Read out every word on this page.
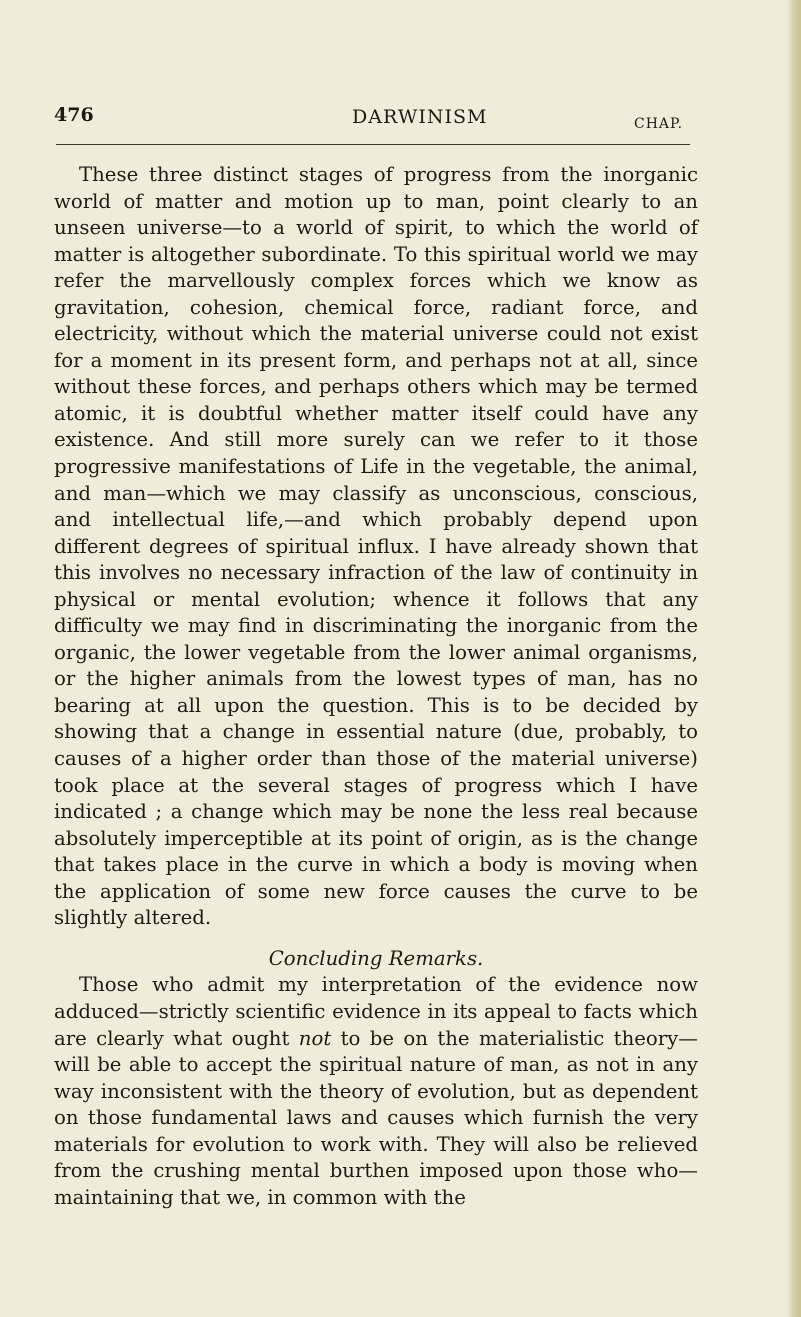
476	DARWINISM	CHAP.

These three distinct stages of progress from the inorganic world of matter and motion up to man, point clearly to an unseen universe—to a world of spirit, to which the world of matter is altogether subordinate. To this spiritual world we may refer the marvellously complex forces which we know as gravitation, cohesion, chemical force, radiant force, and electricity, without which the material universe could not exist for a moment in its present form, and perhaps not at all, since without these forces, and perhaps others which may be termed atomic, it is doubtful whether matter itself could have any existence. And still more surely can we refer to it those progressive manifestations of Life in the vegetable, the animal, and man—which we may classify as unconscious, conscious, and intellectual life,—and which probably depend upon different degrees of spiritual influx. I have already shown that this involves no necessary infraction of the law of continuity in physical or mental evolution; whence it follows that any difficulty we may find in discriminating the inorganic from the organic, the lower vegetable from the lower animal organisms, or the higher animals from the lowest types of man, has no bearing at all upon the question. This is to be decided by showing that a change in essential nature (due, probably, to causes of a higher order than those of the material universe) took place at the several stages of progress which I have indicated ; a change which may be none the less real because absolutely imperceptible at its point of origin, as is the change that takes place in the curve in which a body is moving when the application of some new force causes the curve to be slightly altered.

Concluding Remarks.

Those who admit my interpretation of the evidence now adduced—strictly scientific evidence in its appeal to facts which are clearly what ought not to be on the materialistic theory—will be able to accept the spiritual nature of man, as not in any way inconsistent with the theory of evolution, but as dependent on those fundamental laws and causes which furnish the very materials for evolution to work with. They will also be relieved from the crushing mental burthen imposed upon those who—maintaining that we, in common with the
